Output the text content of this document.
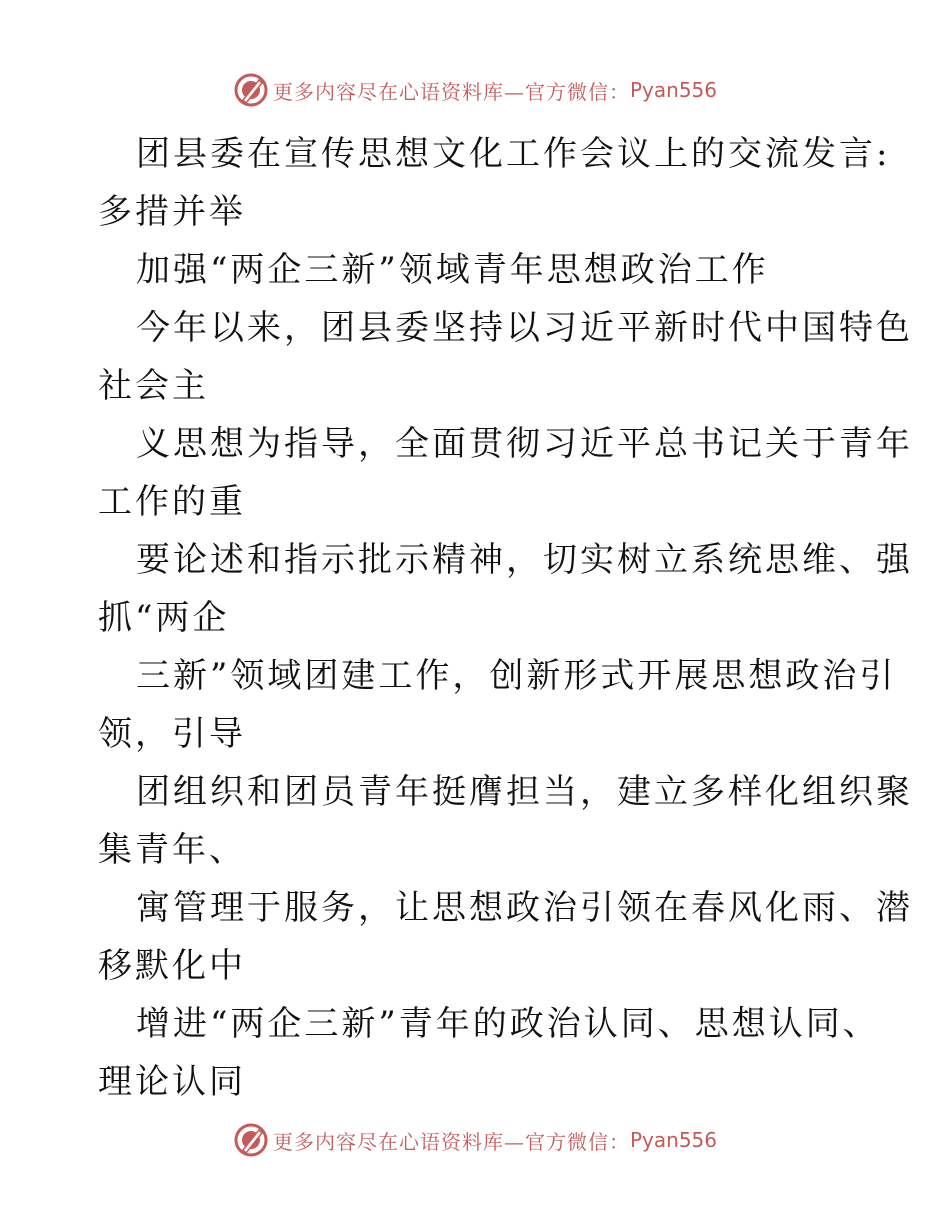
更多内容尽在心语资料库—官方微信： Pyan556
团县委在宣传思想文化工作会议上的交流发言:
多措并举
加强“两企三新”领域青年思想政治工作
今年以来，团县委坚持以习近平新时代中国特色
社会主
义思想为指导，全面贯彻习近平总书记关于青年
工作的重
要论述和指示批示精神，切实树立系统思维、强
抓“两企
三新”领域团建工作，创新形式开展思想政治引
领，引导
团组织和团员青年挺膺担当，建立多样化组织聚
集青年、
寓管理于服务，让思想政治引领在春风化雨、潜
移默化中
增进“两企三新”青年的政治认同、思想认同、
理论认同
更多内容尽在心语资料库—官方微信： Pyan556
